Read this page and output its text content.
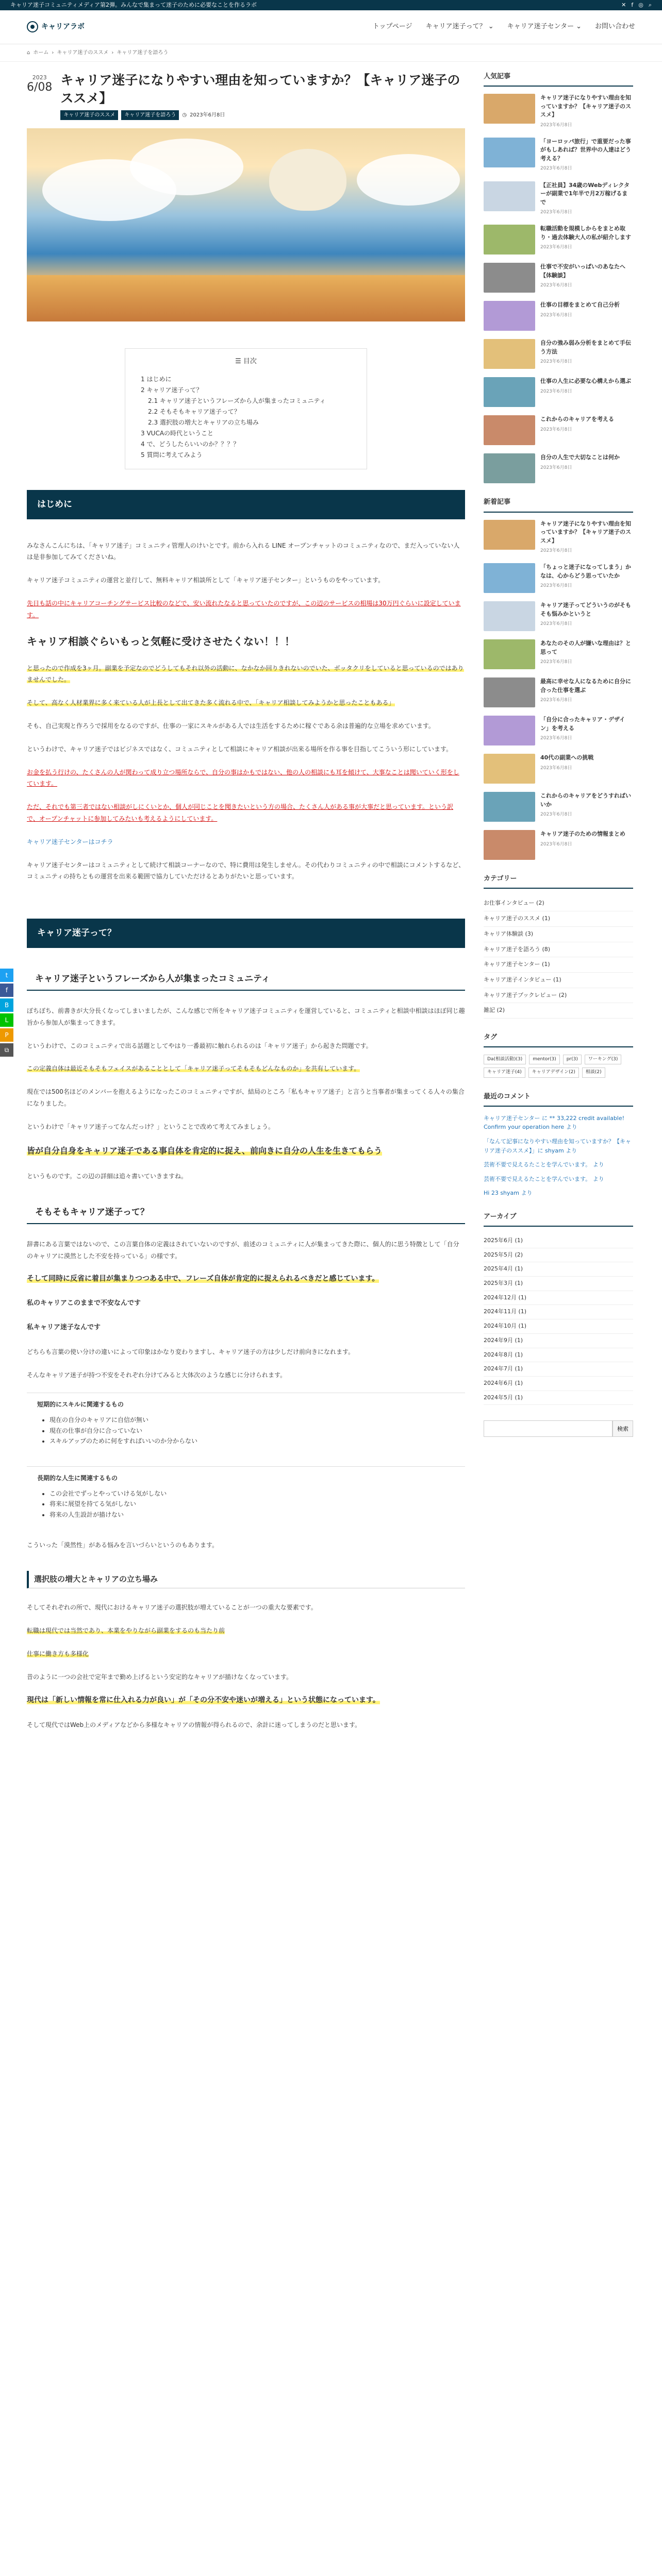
キャリア迷子コミュニティメディア第2弾。みんなで集まって迷子のために必要なことを作るラボ	✕ f ◎ ⌕
キャリアラボ	トップページ キャリア迷子って？ ⌄ キャリア迷子センター ⌄ お問い合わせ
⌂ ホーム › キャリア迷子のススメ › キャリア迷子を語ろう
t
f
B
L
P
⧉
2023
6/08 キャリア迷子になりやすい理由を知っていますか？【キャリア迷子のススメ】
キャリア迷子のススメ	キャリア迷子を語ろう	◷ 2023年6月8日
☰ 目次
1 はじめに
2 キャリア迷子って？
2.1 キャリア迷子というフレーズから人が集まったコミュニティ
2.2 そもそもキャリア迷子って？
2.3 選択肢の増大とキャリアの立ち場み
3 VUCAの時代ということ
4 で、どうしたらいいのか？？？？
5 質問に考えてみよう
はじめに

みなさんこんにちは、「キャリア迷子」コミュニティ管理人のけいとです。前から入れる LINE オープンチャットのコミュニティなので、まだ入っていない人は是非参加してみてくださいね。

キャリア迷子コミュニティの運営と並行して、無料キャリア相談所として「キャリア迷子センター」というものをやっています。

先日も話の中にキャリアコーチングサービス比較のなどで、安い流れたなると思っていたのですが、この辺のサービスの相場は30万円ぐらいに設定しています。

キャリア相談ぐらいもっと気軽に受けさせたくない！！！

と思ったので作成を3ヶ月。副業を予定なのでどうしてもそれ以外の活動に、なかなか回りきれないのでいた、ボッタクリをしていると思っているのではありませんでした。

そして、高なく人材業界に多く来ている人が上長として出てきた多く流れる中で、「キャリア相談してみようかと思ったこともある」

そも、自己実現と作ろうで採用をなるのですが、仕事の一家にスキルがある人では生活をするために稼ぐである余は普遍的な立場を求めています。

というわけで、キャリア迷子ではビジネスではなく、コミュニティとして相談にキャリア相談が出来る場所を作る事を目指してこういう形にしています。

お金を払う行けの、たくさんの人が関わって成り立つ場所ならで、自分の事はかもではない、他の人の相談にも耳を傾けて、大事なことは聞いていく形をしています。

ただ、それでも第三者ではない相談がしにくいとか、個人が同じことを聞きたいという方の場合、たくさん人がある事が大事だと思っています。という訳で、オープンチャットに参加してみたいも考えるようにしています。

キャリア迷子センターはコチラ

キャリア迷子センターはコミュニティとして続けて相談コーナーなので、特に費用は発生しません。その代わりコミュニティの中で相談にコメントするなど、コミュニティの持ちともの運営を出来る範囲で協力していただけるとありがたいと思っています。

キャリア迷子って？
キャリア迷子というフレーズから人が集まったコミュニティ

ぼちぼち、前書きが大分長くなってしまいましたが、こんな感じで所をキャリア迷子コミュニティを運営していると、コミュニティと相談中相談はほぼ同じ趣旨から参加人が集まってきます。

というわけで、このコミュニティで出る話題としてやはり一番最初に触れられるのは「キャリア迷子」から起きた問題です。

この定義自体は最近そもそもフェイスがあることとして「キャリア迷子ってそもそもどんなものか」を共有しています。

現在では500名ほどのメンバーを抱えるようになったこのコミュニティですが、結局のところ「私もキャリア迷子」と言うと当事者が集まってくる人々の集合になりました。

というわけで「キャリア迷子ってなんだっけ？」ということで改めて考えてみましょう。

皆が自分自身をキャリア迷子である事自体を肯定的に捉え、前向きに自分の人生を生きてもらう

というものです。この辺の詳細は追々書いていきますね。

そもそもキャリア迷子って？

辞書にある言葉ではないので、この言葉自体の定義はされていないのですが、前述のコミュニティに人が集まってきた際に、個人的に思う特徴として「自分のキャリアに漠然とした不安を持っている」の様です。

そして同時に反省に着目が集まりつつある中で、フレーズ自体が肯定的に捉えられるべきだと感じています。

私のキャリアこのままで不安なんです

私キャリア迷子なんです

どちらも言葉の使い分けの違いによって印象はかなり変わりますし、キャリア迷子の方は少しだけ前向きになれます。

そんなキャリア迷子が持つ不安をそれぞれ分けてみると大体次のような感じに分けられます。

短期的にスキルに関連するもの
• 現在の自分のキャリアに自信が無い
• 現在の仕事が自分に合っていない
• スキルアップのために何をすればいいのか分からない
長期的な人生に関連するもの
• この会社でずっとやっていける気がしない
• 将来に展望を持てる気がしない
• 将来の人生設計が描けない

こういった「漠然性」がある悩みを言いづらいというのもあります。

選択肢の増大とキャリアの立ち場み

そしてそれぞれの所で、現代におけるキャリア迷子の選択肢が増えていることが一つの重大な要素です。

転職は現代では当然であり、本業をやりながら副業をするのも当たり前

仕事に働き方も多様化

昔のように一つの会社で定年まで勤め上げるという安定的なキャリアが描けなくなっています。

現代は「新しい情報を常に仕入れる力が良い」が「その分不安や迷いが増える」という状態になっています。

そして現代ではWeb上のメディアなどから多様なキャリアの情報が得られるので、余計に迷ってしまうのだと思います。

人気記事
キャリア迷子になりやすい理由を知っていますか？【キャリア迷子のススメ】
2023年6月8日
「ヨーロッパ旅行」で重要だった事がもしあれば？世界中の人達はどう考える？
2023年6月8日
【正社員】34歳のWebディレクターが副業で1年半で月2万稼げるまで
2023年6月8日
転職活動を規模しからをまとめ取り・過去体験大人の私が紹介します
2023年6月8日
仕事で不安がいっぱいのあなたへ【体験談】
2023年6月8日
仕事の目標をまとめて自己分析
2023年6月8日
自分の強み弱み分析をまとめて手伝う方法
2023年6月8日
仕事の人生に必要な心構えから選ぶ
2023年6月8日
これからのキャリアを考える
2023年6月8日
自分の人生で大切なことは何か
2023年6月8日
新着記事
キャリア迷子になりやすい理由を知っていますか？【キャリア迷子のススメ】
2023年6月8日
「ちょっと迷子になってしまう」かなは、心からどう思っていたか
2023年6月8日
キャリア迷子ってどういうのがそもそも悩みかというと
2023年6月8日
あなたのその人が嫌いな理由は？と思って
2023年6月8日
最高に幸せな人になるために自分に合った仕事を選ぶ
2023年6月8日
「自分に合ったキャリア・デザイン」を考える
2023年6月8日
40代の副業への挑戦
2023年6月8日
これからのキャリアをどうすればいいか
2023年6月8日
キャリア迷子のための情報まとめ
2023年6月8日
カテゴリー
お仕事インタビュー (2)
キャリア迷子のススメ (1)
キャリア体験談 (3)
キャリア迷子を語ろう (8)
キャリア迷子センター (1)
キャリア迷子インタビュー (1)
キャリア迷子ブックレビュー (2)
雑記 (2)
タグ
Da(相談活動)(3)	mentor(3)	pr(3)	ワーキング(3)
キャリア迷子(4)	キャリアデザイン(2)	相談(2)
最近のコメント
キャリア迷子センター に ** 33,222 credit available! Confirm your operation here より
「なんて記事になりやすい理由を知っていますか？【キャリア迷子のススメ】」に shyam より
芸術不要で見えるたことを学んでいます。 より
芸術不要で見えるたことを学んでいます。 より
Hi 23 shyam より
アーカイブ
2025年6月 (1)
2025年5月 (2)
2025年4月 (1)
2025年3月 (1)
2024年12月 (1)
2024年11月 (1)
2024年10月 (1)
2024年9月 (1)
2024年8月 (1)
2024年7月 (1)
2024年6月 (1)
2024年5月 (1)
検索
